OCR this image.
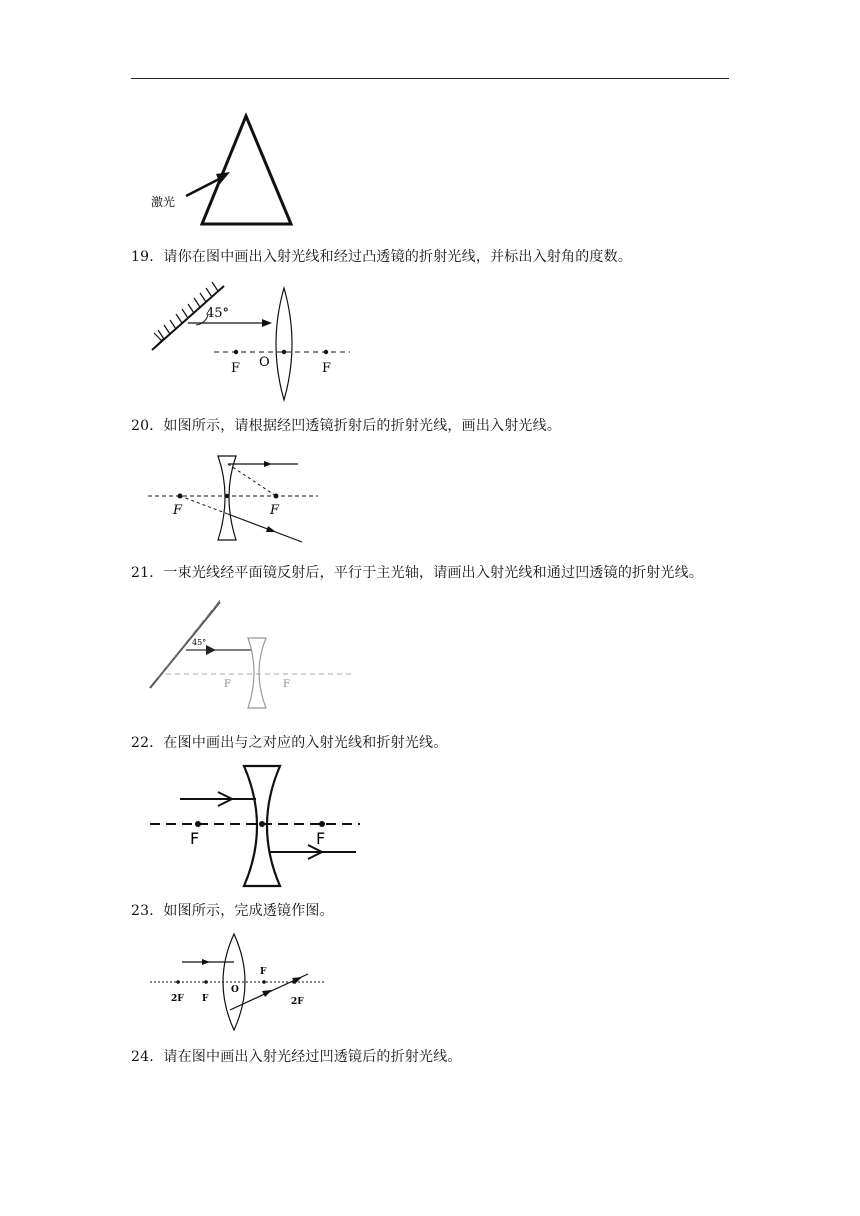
激光
19．请你在图中画出入射光线和经过凸透镜的折射光线，并标出入射角的度数。
45°
F O	F
20．如图所示，请根据经凹透镜折射后的折射光线，画出入射光线。
F	F
21．一束光线经平面镜反射后，平行于主光轴，请画出入射光线和通过凹透镜的折射光线。
45°
F	F
22．在图中画出与之对应的入射光线和折射光线。
F	F
23．如图所示，完成透镜作图。
2F F
O
F
2F
24．请在图中画出入射光经过凹透镜后的折射光线。
